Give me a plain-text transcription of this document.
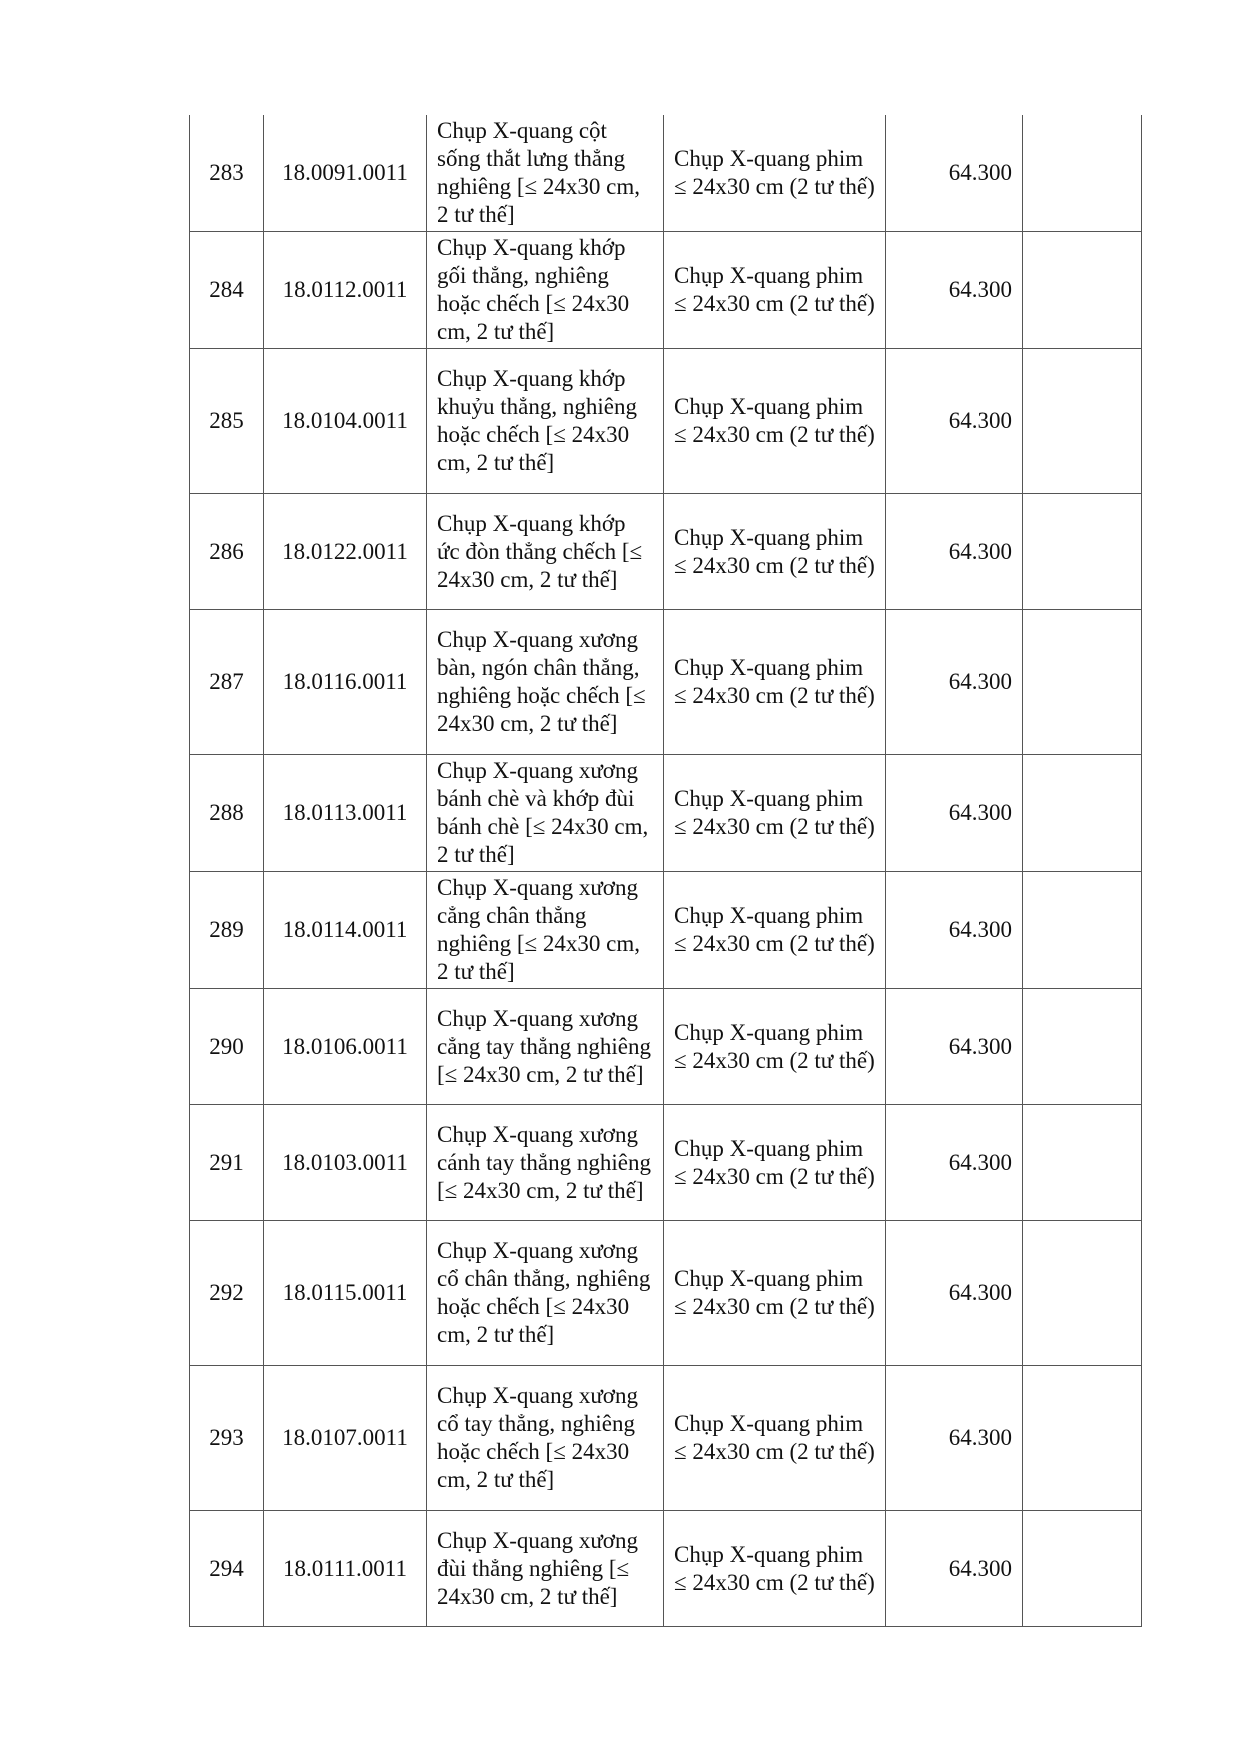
283	18.0091.0011	Chụp X-quang cột sống thắt lưng thẳng nghiêng [≤ 24x30 cm, 2 tư thế]	Chụp X-quang phim ≤ 24x30 cm (2 tư thế)	64.300	
284	18.0112.0011	Chụp X-quang khớp gối thẳng, nghiêng hoặc chếch [≤ 24x30 cm, 2 tư thế]	Chụp X-quang phim ≤ 24x30 cm (2 tư thế)	64.300	
285	18.0104.0011	Chụp X-quang khớp khuỷu thẳng, nghiêng hoặc chếch [≤ 24x30 cm, 2 tư thế]	Chụp X-quang phim ≤ 24x30 cm (2 tư thế)	64.300	
286	18.0122.0011	Chụp X-quang khớp ức đòn thẳng chếch [≤ 24x30 cm, 2 tư thế]	Chụp X-quang phim ≤ 24x30 cm (2 tư thế)	64.300	
287	18.0116.0011	Chụp X-quang xương bàn, ngón chân thẳng, nghiêng hoặc chếch [≤ 24x30 cm, 2 tư thế]	Chụp X-quang phim ≤ 24x30 cm (2 tư thế)	64.300	
288	18.0113.0011	Chụp X-quang xương bánh chè và khớp đùi bánh chè [≤ 24x30 cm, 2 tư thế]	Chụp X-quang phim ≤ 24x30 cm (2 tư thế)	64.300	
289	18.0114.0011	Chụp X-quang xương cẳng chân thẳng nghiêng [≤ 24x30 cm, 2 tư thế]	Chụp X-quang phim ≤ 24x30 cm (2 tư thế)	64.300	
290	18.0106.0011	Chụp X-quang xương cẳng tay thẳng nghiêng [≤ 24x30 cm, 2 tư thế]	Chụp X-quang phim ≤ 24x30 cm (2 tư thế)	64.300	
291	18.0103.0011	Chụp X-quang xương cánh tay thẳng nghiêng [≤ 24x30 cm, 2 tư thế]	Chụp X-quang phim ≤ 24x30 cm (2 tư thế)	64.300	
292	18.0115.0011	Chụp X-quang xương cổ chân thẳng, nghiêng hoặc chếch [≤ 24x30 cm, 2 tư thế]	Chụp X-quang phim ≤ 24x30 cm (2 tư thế)	64.300	
293	18.0107.0011	Chụp X-quang xương cổ tay thẳng, nghiêng hoặc chếch [≤ 24x30 cm, 2 tư thế]	Chụp X-quang phim ≤ 24x30 cm (2 tư thế)	64.300	
294	18.0111.0011	Chụp X-quang xương đùi thẳng nghiêng [≤ 24x30 cm, 2 tư thế]	Chụp X-quang phim ≤ 24x30 cm (2 tư thế)	64.300	
